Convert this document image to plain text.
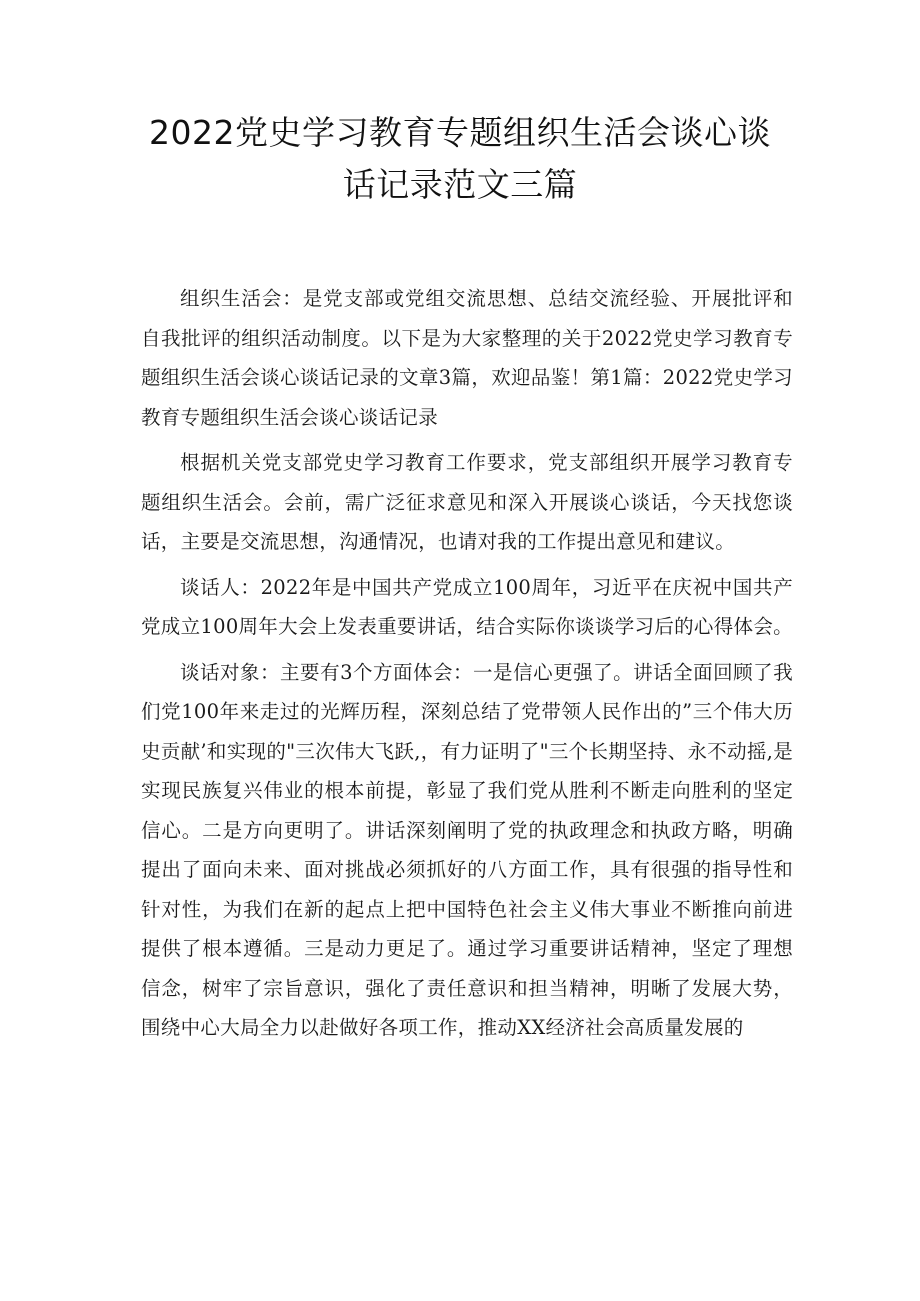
2022党史学习教育专题组织生活会谈心谈
话记录范文三篇

组织生活会：是党支部或党组交流思想、总结交流经验、开展批评和自我批评的组织活动制度。以下是为大家整理的关于2022党史学习教育专题组织生活会谈心谈话记录的文章3篇，欢迎品鉴！第1篇：2022党史学习教育专题组织生活会谈心谈话记录

根据机关党支部党史学习教育工作要求，党支部组织开展学习教育专题组织生活会。会前，需广泛征求意见和深入开展谈心谈话，今天找您谈话，主要是交流思想，沟通情况，也请对我的工作提出意见和建议。

谈话人：2022年是中国共产党成立100周年，习近平在庆祝中国共产党成立100周年大会上发表重要讲话，结合实际你谈谈学习后的心得体会。

谈话对象：主要有3个方面体会：一是信心更强了。讲话全面回顾了我们党100年来走过的光辉历程，深刻总结了党带领人民作出的”三个伟大历史贡献’和实现的"三次伟大飞跃,，有力证明了"三个长期坚持、永不动摇,是实现民族复兴伟业的根本前提，彰显了我们党从胜利不断走向胜利的坚定信心。二是方向更明了。讲话深刻阐明了党的执政理念和执政方略，明确提出了面向未来、面对挑战必须抓好的八方面工作，具有很强的指导性和针对性，为我们在新的起点上把中国特色社会主义伟大事业不断推向前进提供了根本遵循。三是动力更足了。通过学习重要讲话精神，坚定了理想信念，树牢了宗旨意识，强化了责任意识和担当精神，明晰了发展大势，围绕中心大局全力以赴做好各项工作，推动XX经济社会高质量发展的
